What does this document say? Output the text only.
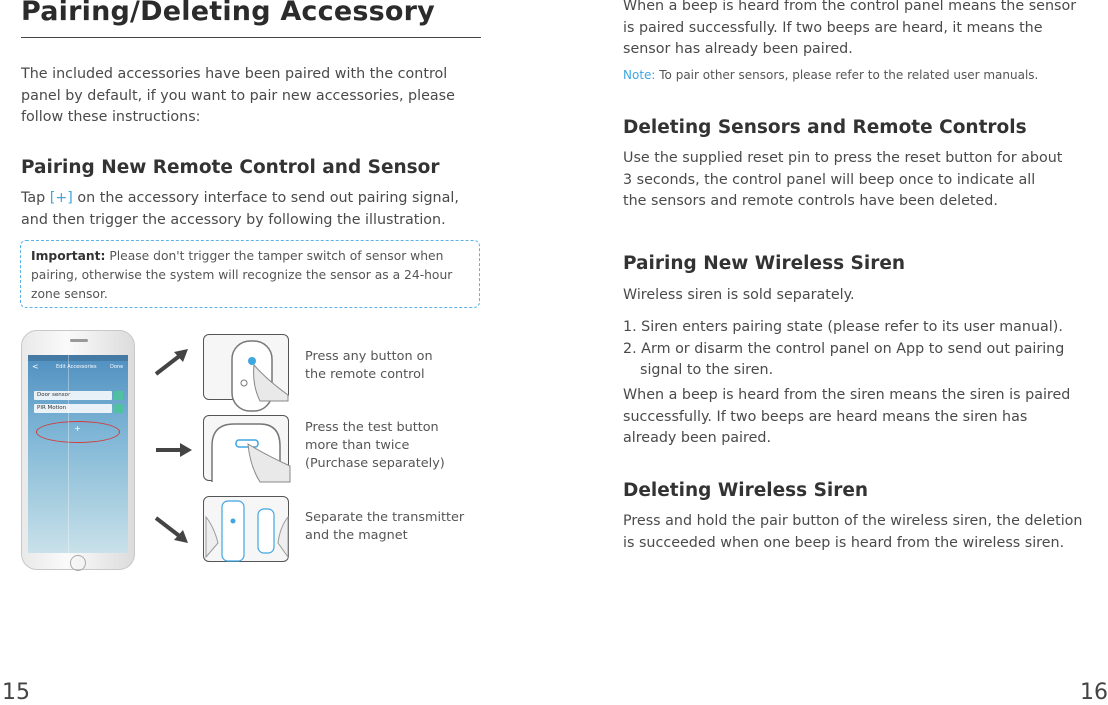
Pairing/Deleting Accessory

The included accessories have been paired with the control panel by default, if you want to pair new accessories, please follow these instructions:

Pairing New Remote Control and Sensor

Tap [+] on the accessory interface to send out pairing signal, and then trigger the accessory by following the illustration.

Important: Please don't trigger the tamper switch of sensor when pairing, otherwise the system will recognize the sensor as a 24-hour zone sensor.

<	Edit Accessories	Done
Door sensor
PIR Motion
+
Press any button on
the remote control
Press the test button
more than twice
(Purchase separately)
Separate the transmitter
and the magnet
15

When a beep is heard from the control panel means the sensor is paired successfully. If two beeps are heard, it means the sensor has already been paired.

Note: To pair other sensors, please refer to the related user manuals.

Deleting Sensors and Remote Controls

Use the supplied reset pin to press the reset button for about 3 seconds, the control panel will beep once to indicate all the sensors and remote controls have been deleted.

Pairing New Wireless Siren

Wireless siren is sold separately.

1. Siren enters pairing state (please refer to its user manual).
2. Arm or disarm the control panel on App to send out pairing
signal to the siren.

When a beep is heard from the siren means the siren is paired successfully. If two beeps are heard means the siren has already been paired.

Deleting Wireless Siren

Press and hold the pair button of the wireless siren, the deletion is succeeded when one beep is heard from the wireless siren.

16
